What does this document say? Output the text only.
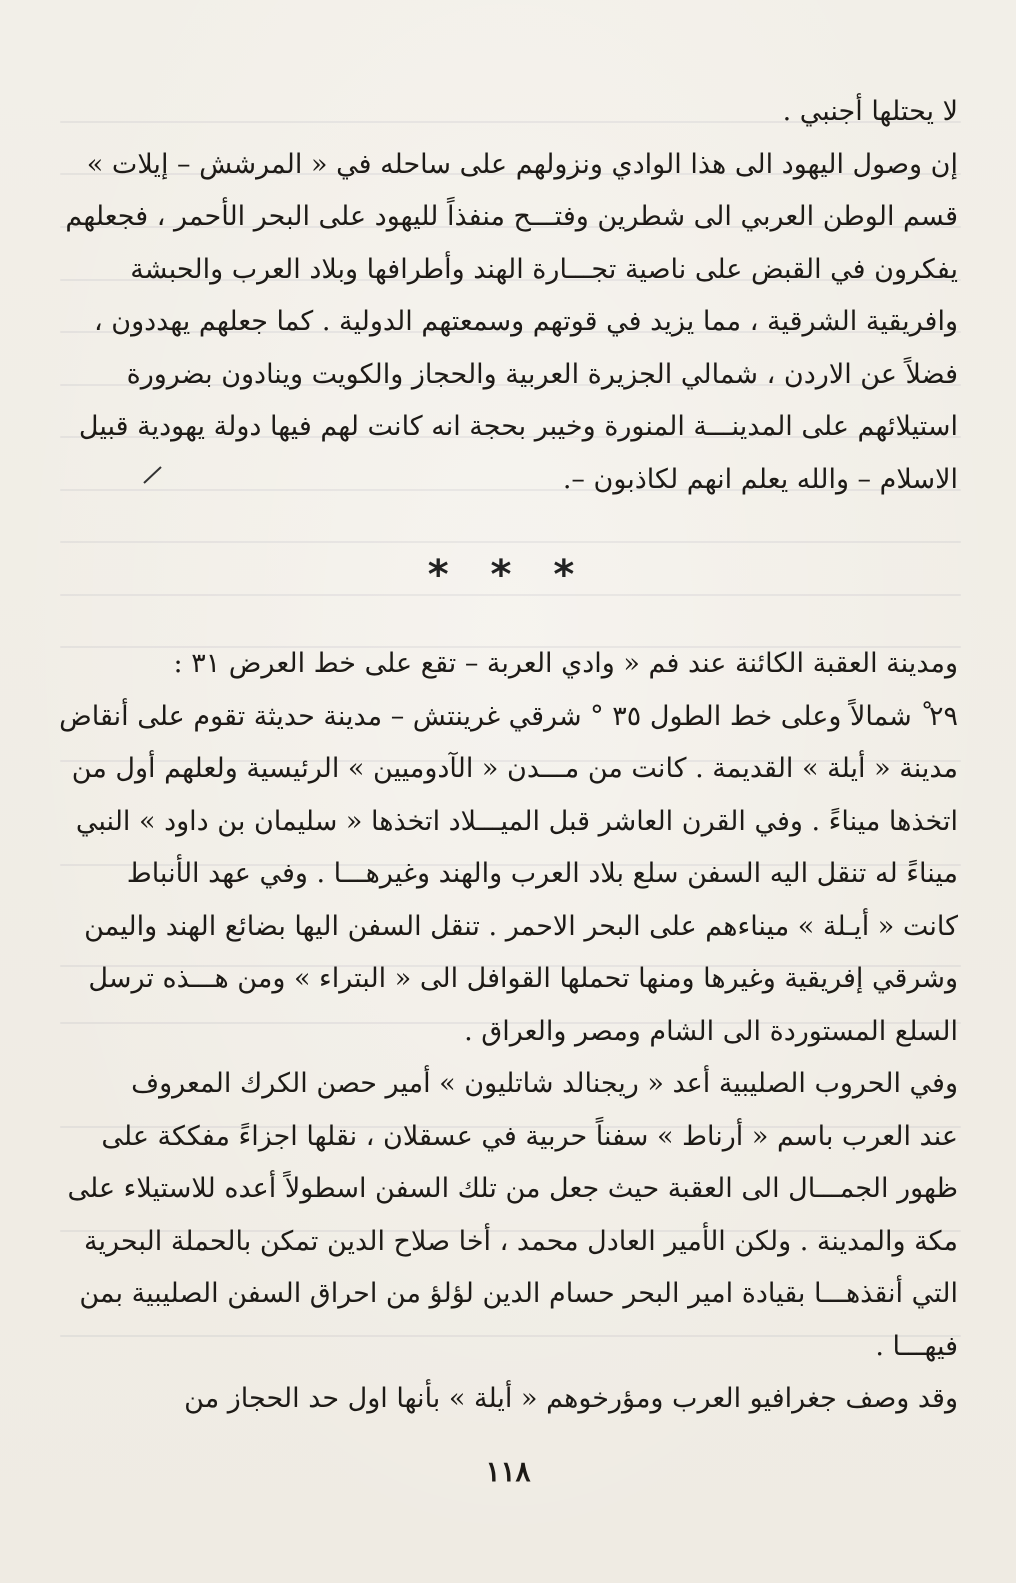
لا يحتلها أجنبي .
إن وصول اليهود الى هذا الوادي ونزولهم على ساحله في « المرشش – إيلات »
قسم الوطن العربي الى شطرين وفتـــح منفذاً لليهود على البحر الأحمر ، فجعلهم
يفكرون في القبض على ناصية تجـــارة الهند وأطرافها وبلاد العرب والحبشة
وافريقية الشرقية ، مما يزيد في قوتهم وسمعتهم الدولية . كما جعلهم يهددون ،
فضلاً عن الاردن ، شمالي الجزيرة العربية والحجاز والكويت وينادون بضرورة
استيلائهم على المدينـــة المنورة وخيبر بحجة انه كانت لهم فيها دولة يهودية قبيل
الاسلام – والله يعلم انهم لكاذبون –.
* * *
ومدينة العقبة الكائنة عند فم « وادي العربة – تقع على خط العرض ٣١ :
٢٩ ْ شمالاً وعلى خط الطول ٣٥ ° شرقي غرينتش – مدينة حديثة تقوم على أنقاض
مدينة « أيلة » القديمة . كانت من مـــدن « الآدوميين » الرئيسية ولعلهم أول من
اتخذها ميناءً . وفي القرن العاشر قبل الميـــلاد اتخذها « سليمان بن داود » النبي
ميناءً له تنقل اليه السفن سلع بلاد العرب والهند وغيرهـــا . وفي عهد الأنباط
كانت « أيـلة » ميناءهم على البحر الاحمر . تنقل السفن اليها بضائع الهند واليمن
وشرقي إفريقية وغيرها ومنها تحملها القوافل الى « البتراء » ومن هـــذه ترسل
السلع المستوردة الى الشام ومصر والعراق .
وفي الحروب الصليبية أعد « ريجنالد شاتليون » أمير حصن الكرك المعروف
عند العرب باسم « أرناط » سفناً حربية في عسقلان ، نقلها اجزاءً مفككة على
ظهور الجمـــال الى العقبة حيث جعل من تلك السفن اسطولاً أعده للاستيلاء على
مكة والمدينة . ولكن الأمير العادل محمد ، أخا صلاح الدين تمكن بالحملة البحرية
التي أنقذهـــا بقيادة امير البحر حسام الدين لؤلؤ من احراق السفن الصليبية بمن
فيهـــا .
وقد وصف جغرافيو العرب ومؤرخوهم « أيلة » بأنها اول حد الحجاز من
١١٨
